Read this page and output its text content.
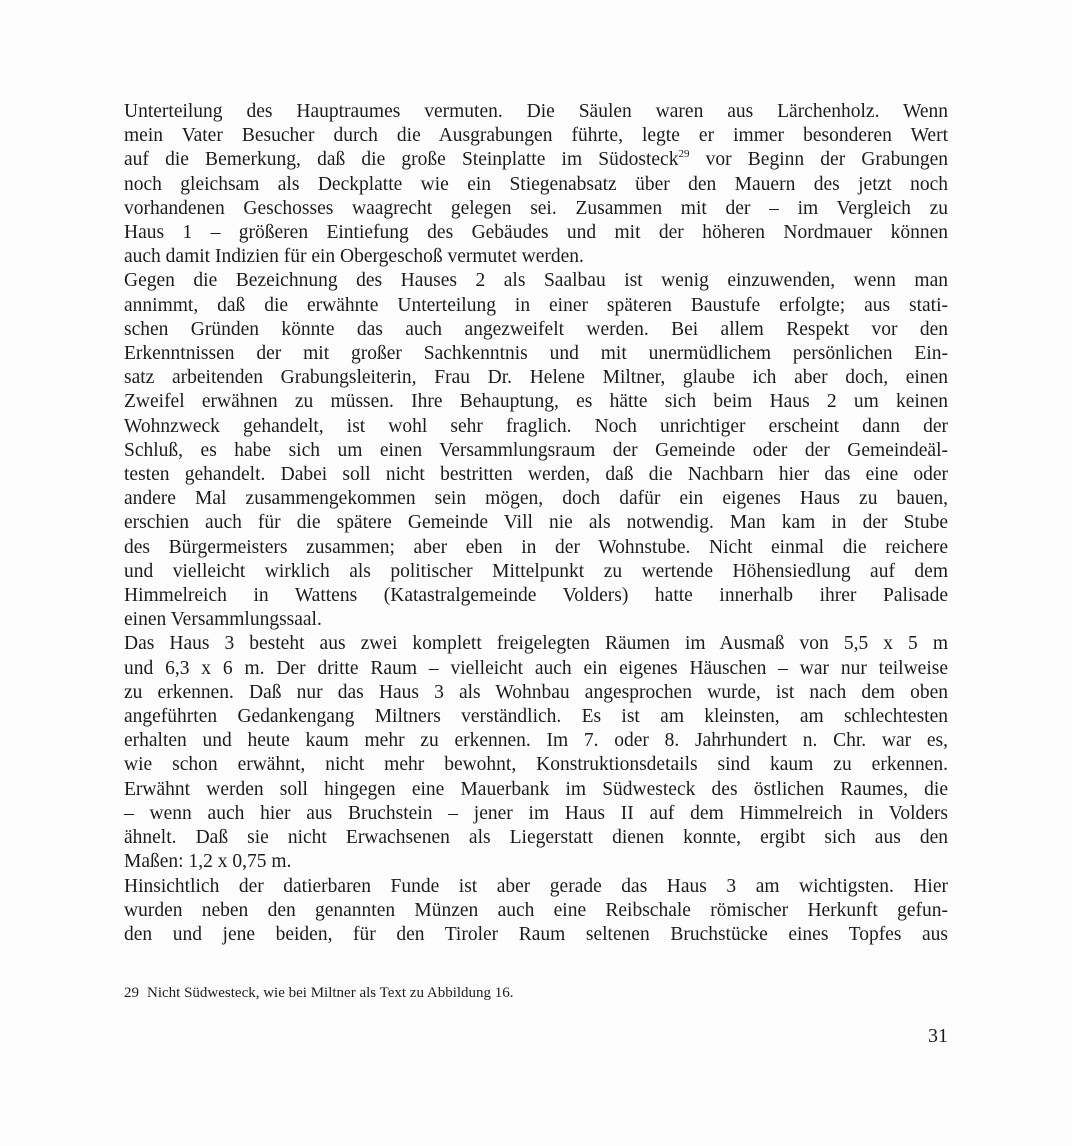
Unterteilung des Hauptraumes vermuten. Die Säulen waren aus Lärchenholz. Wenn
mein Vater Besucher durch die Ausgrabungen führte, legte er immer besonderen Wert
auf die Bemerkung, daß die große Steinplatte im Südosteck$^{29}$ vor Beginn der Grabungen
noch gleichsam als Deckplatte wie ein Stiegenabsatz über den Mauern des jetzt noch
vorhandenen Geschosses waagrecht gelegen sei. Zusammen mit der – im Vergleich zu
Haus 1 – größeren Eintiefung des Gebäudes und mit der höheren Nordmauer können
auch damit Indizien für ein Obergeschoß vermutet werden.
Gegen die Bezeichnung des Hauses 2 als Saalbau ist wenig einzuwenden, wenn man
annimmt, daß die erwähnte Unterteilung in einer späteren Baustufe erfolgte; aus stati-
schen Gründen könnte das auch angezweifelt werden. Bei allem Respekt vor den
Erkenntnissen der mit großer Sachkenntnis und mit unermüdlichem persönlichen Ein-
satz arbeitenden Grabungsleiterin, Frau Dr. Helene Miltner, glaube ich aber doch, einen
Zweifel erwähnen zu müssen. Ihre Behauptung, es hätte sich beim Haus 2 um keinen
Wohnzweck gehandelt, ist wohl sehr fraglich. Noch unrichtiger erscheint dann der
Schluß, es habe sich um einen Versammlungsraum der Gemeinde oder der Gemeindeäl-
testen gehandelt. Dabei soll nicht bestritten werden, daß die Nachbarn hier das eine oder
andere Mal zusammengekommen sein mögen, doch dafür ein eigenes Haus zu bauen,
erschien auch für die spätere Gemeinde Vill nie als notwendig. Man kam in der Stube
des Bürgermeisters zusammen; aber eben in der Wohnstube. Nicht einmal die reichere
und vielleicht wirklich als politischer Mittelpunkt zu wertende Höhensiedlung auf dem
Himmelreich in Wattens (Katastralgemeinde Volders) hatte innerhalb ihrer Palisade
einen Versammlungssaal.
Das Haus 3 besteht aus zwei komplett freigelegten Räumen im Ausmaß von 5,5 x 5 m
und 6,3 x 6 m. Der dritte Raum – vielleicht auch ein eigenes Häuschen – war nur teilweise
zu erkennen. Daß nur das Haus 3 als Wohnbau angesprochen wurde, ist nach dem oben
angeführten Gedankengang Miltners verständlich. Es ist am kleinsten, am schlechtesten
erhalten und heute kaum mehr zu erkennen. Im 7. oder 8. Jahrhundert n. Chr. war es,
wie schon erwähnt, nicht mehr bewohnt, Konstruktionsdetails sind kaum zu erkennen.
Erwähnt werden soll hingegen eine Mauerbank im Südwesteck des östlichen Raumes, die
– wenn auch hier aus Bruchstein – jener im Haus II auf dem Himmelreich in Volders
ähnelt. Daß sie nicht Erwachsenen als Liegerstatt dienen konnte, ergibt sich aus den
Maßen: 1,2 x 0,75 m.
Hinsichtlich der datierbaren Funde ist aber gerade das Haus 3 am wichtigsten. Hier
wurden neben den genannten Münzen auch eine Reibschale römischer Herkunft gefun-
den und jene beiden, für den Tiroler Raum seltenen Bruchstücke eines Topfes aus
29 Nicht Südwesteck, wie bei Miltner als Text zu Abbildung 16.
31
